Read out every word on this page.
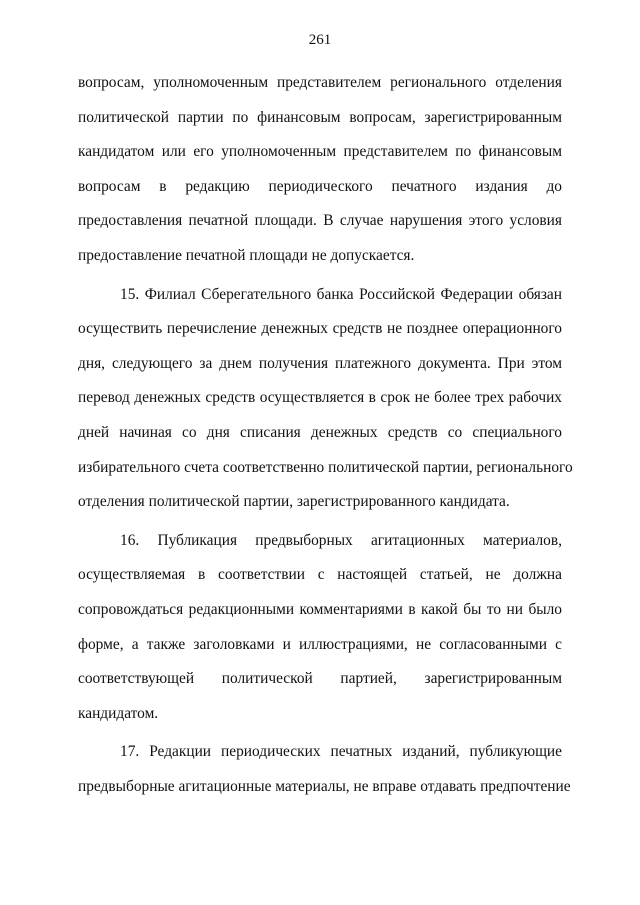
261

вопросам, уполномоченным представителем регионального отделения
политической партии по финансовым вопросам, зарегистрированным
кандидатом или его уполномоченным представителем по финансовым
вопросам в редакцию периодического печатного издания до
предоставления печатной площади. В случае нарушения этого условия
предоставление печатной площади не допускается.

15. Филиал Сберегательного банка Российской Федерации обязан
осуществить перечисление денежных средств не позднее операционного
дня, следующего за днем получения платежного документа. При этом
перевод денежных средств осуществляется в срок не более трех рабочих
дней начиная со дня списания денежных средств со специального
избирательного счета соответственно политической партии, регионального
отделения политической партии, зарегистрированного кандидата.

16. Публикация предвыборных агитационных материалов,
осуществляемая в соответствии с настоящей статьей, не должна
сопровождаться редакционными комментариями в какой бы то ни было
форме, а также заголовками и иллюстрациями, не согласованными с
соответствующей политической партией, зарегистрированным
кандидатом.

17. Редакции периодических печатных изданий, публикующие
предвыборные агитационные материалы, не вправе отдавать предпочтение
